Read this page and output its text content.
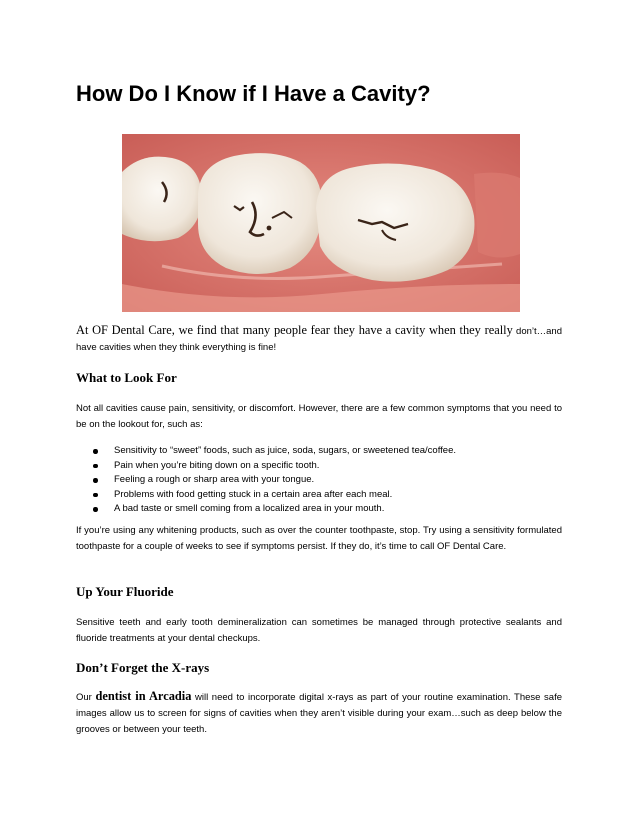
How Do I Know if I Have a Cavity?

At OF Dental Care, we find that many people fear they have a cavity when they really don’t…and have cavities when they think everything is fine!

What to Look For

Not all cavities cause pain, sensitivity, or discomfort. However, there are a few common symptoms that you need to be on the lookout for, such as:

Sensitivity to “sweet” foods, such as juice, soda, sugars, or sweetened tea/coffee.
Pain when you’re biting down on a specific tooth.
Feeling a rough or sharp area with your tongue.
Problems with food getting stuck in a certain area after each meal.
A bad taste or smell coming from a localized area in your mouth.

If you’re using any whitening products, such as over the counter toothpaste, stop. Try using a sensitivity formulated toothpaste for a couple of weeks to see if symptoms persist. If they do, it’s time to call OF Dental Care.

Up Your Fluoride

Sensitive teeth and early tooth demineralization can sometimes be managed through protective sealants and fluoride treatments at your dental checkups.

Don’t Forget the X-rays

Our dentist in Arcadia will need to incorporate digital x-rays as part of your routine examination. These safe images allow us to screen for signs of cavities when they aren’t visible during your exam…such as deep below the grooves or between your teeth.
